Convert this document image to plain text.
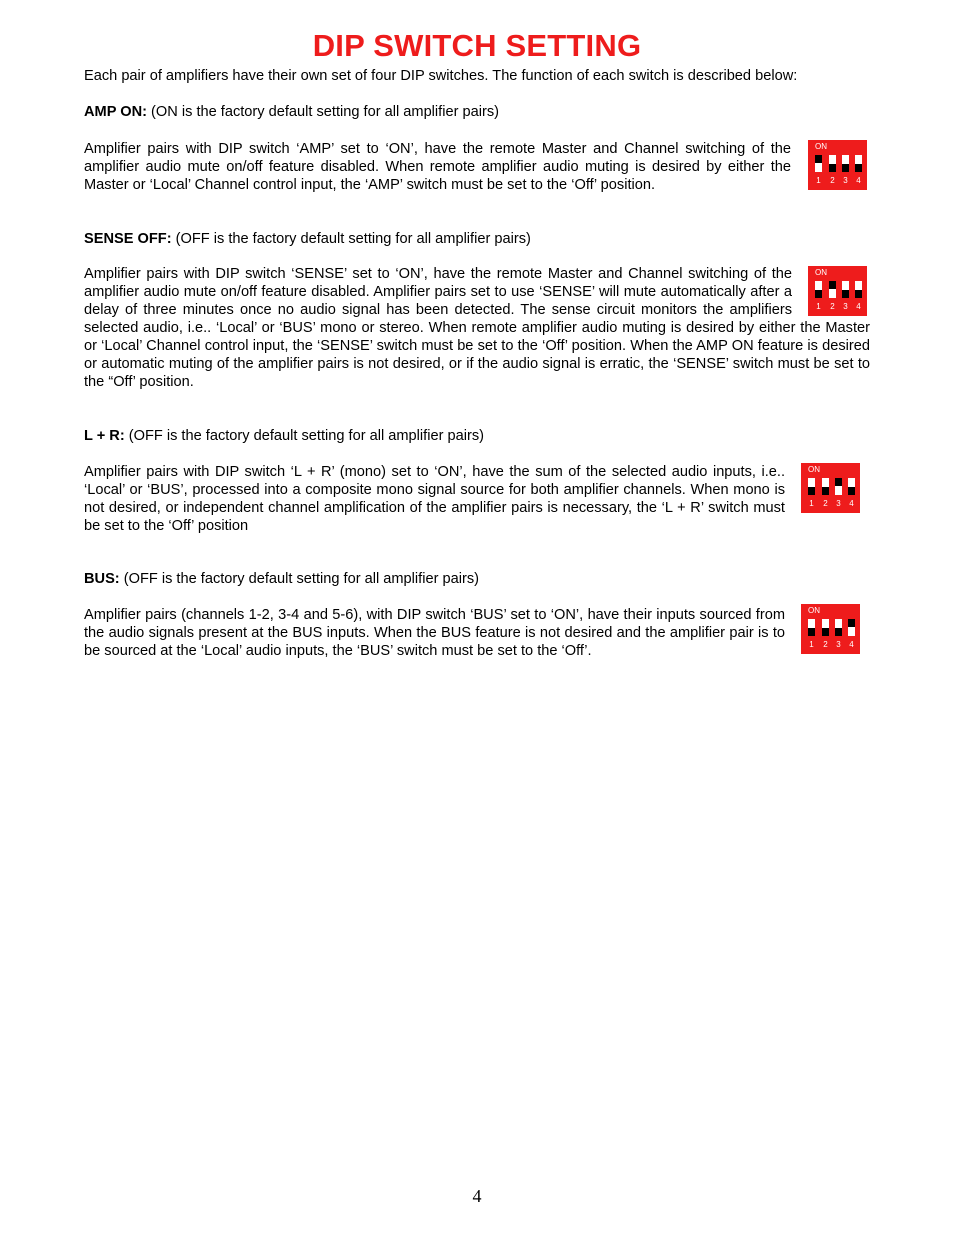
DIP SWITCH SETTING

Each pair of amplifiers have their own set of four DIP switches. The function of each switch is described below:

AMP ON: (ON is the factory default setting for all amplifier pairs)

Amplifier pairs with DIP switch ‘AMP’ set to ‘ON’, have the remote Master and Channel switching of the amplifier audio mute on/off feature disabled. When remote amplifier audio muting is desired by either the Master or ‘Local’ Channel control input, the ‘AMP’ switch must be set to the ‘Off’ position.

ON
1 2 3 4

SENSE OFF: (OFF is the factory default setting for all amplifier pairs)

ON
1 2 3 4

Amplifier pairs with DIP switch ‘SENSE’ set to ‘ON’, have the remote Master and Channel switching of the amplifier audio mute on/off feature disabled. Amplifier pairs set to use ‘SENSE’ will mute automatically after a delay of three minutes once no audio signal has been detected. The sense circuit monitors the amplifiers selected audio, i.e.. ‘Local’ or ‘BUS’ mono or stereo. When remote amplifier audio muting is desired by either the Master or ‘Local’ Channel control input, the ‘SENSE’ switch must be set to the ‘Off’ position. When the AMP ON feature is desired or automatic muting of the amplifier pairs is not desired, or if the audio signal is erratic, the ‘SENSE’ switch must be set to the “Off’ position.

L + R: (OFF is the factory default setting for all amplifier pairs)

Amplifier pairs with DIP switch ‘L + R’ (mono) set to ‘ON’, have the sum of the selected audio inputs, i.e.. ‘Local’ or ‘BUS’, processed into a composite mono signal source for both amplifier channels. When mono is not desired, or independent channel amplification of the amplifier pairs is necessary, the ‘L + R’ switch must be set to the ‘Off’ position

ON
1 2 3 4

BUS: (OFF is the factory default setting for all amplifier pairs)

Amplifier pairs (channels 1-2, 3-4 and 5-6), with DIP switch ‘BUS’ set to ‘ON’, have their inputs sourced from the audio signals present at the BUS inputs. When the BUS feature is not desired and the amplifier pair is to be sourced at the ‘Local’ audio inputs, the ‘BUS’ switch must be set to the ‘Off’.

ON
1 2 3 4
4
